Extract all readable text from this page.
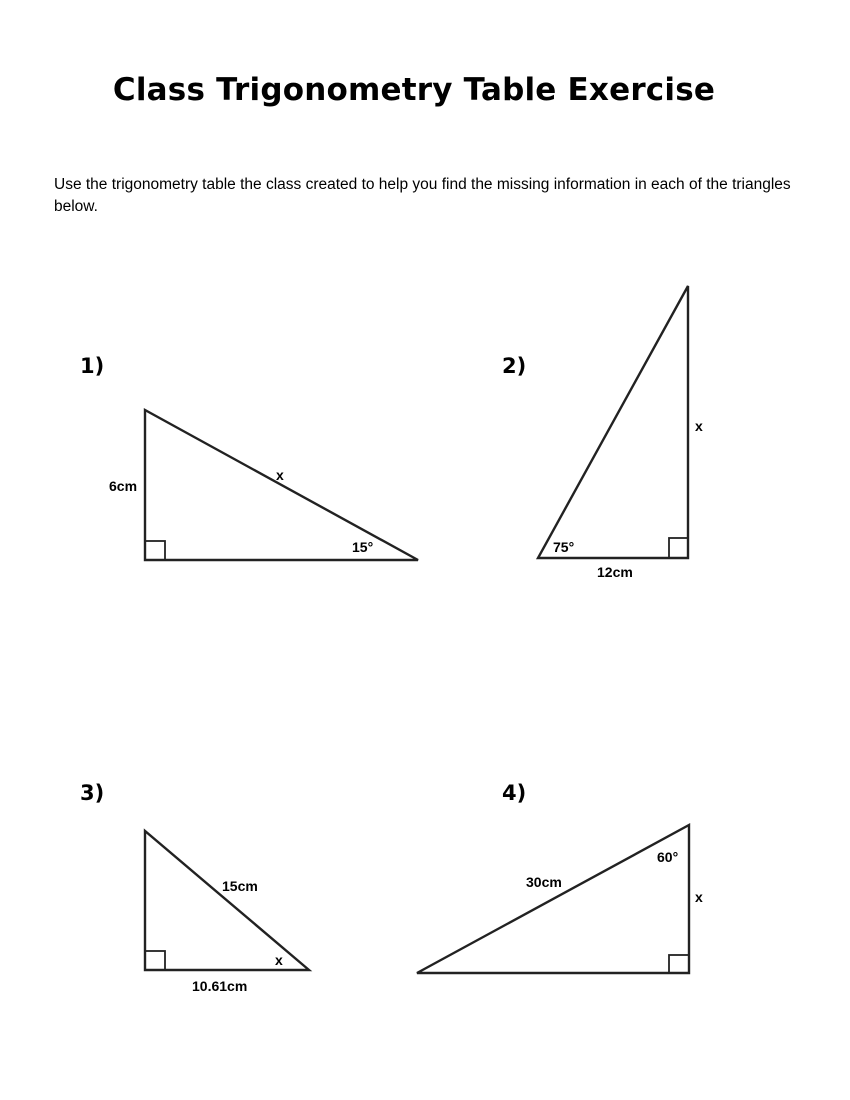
Class Trigonometry Table Exercise
Use the trigonometry table the class created to help you find the missing information in each of the triangles below.
1)	2)
3)	4)
6cm
x
15°
x
12cm
75°
15cm
10.61cm
x
30cm
x
60°
